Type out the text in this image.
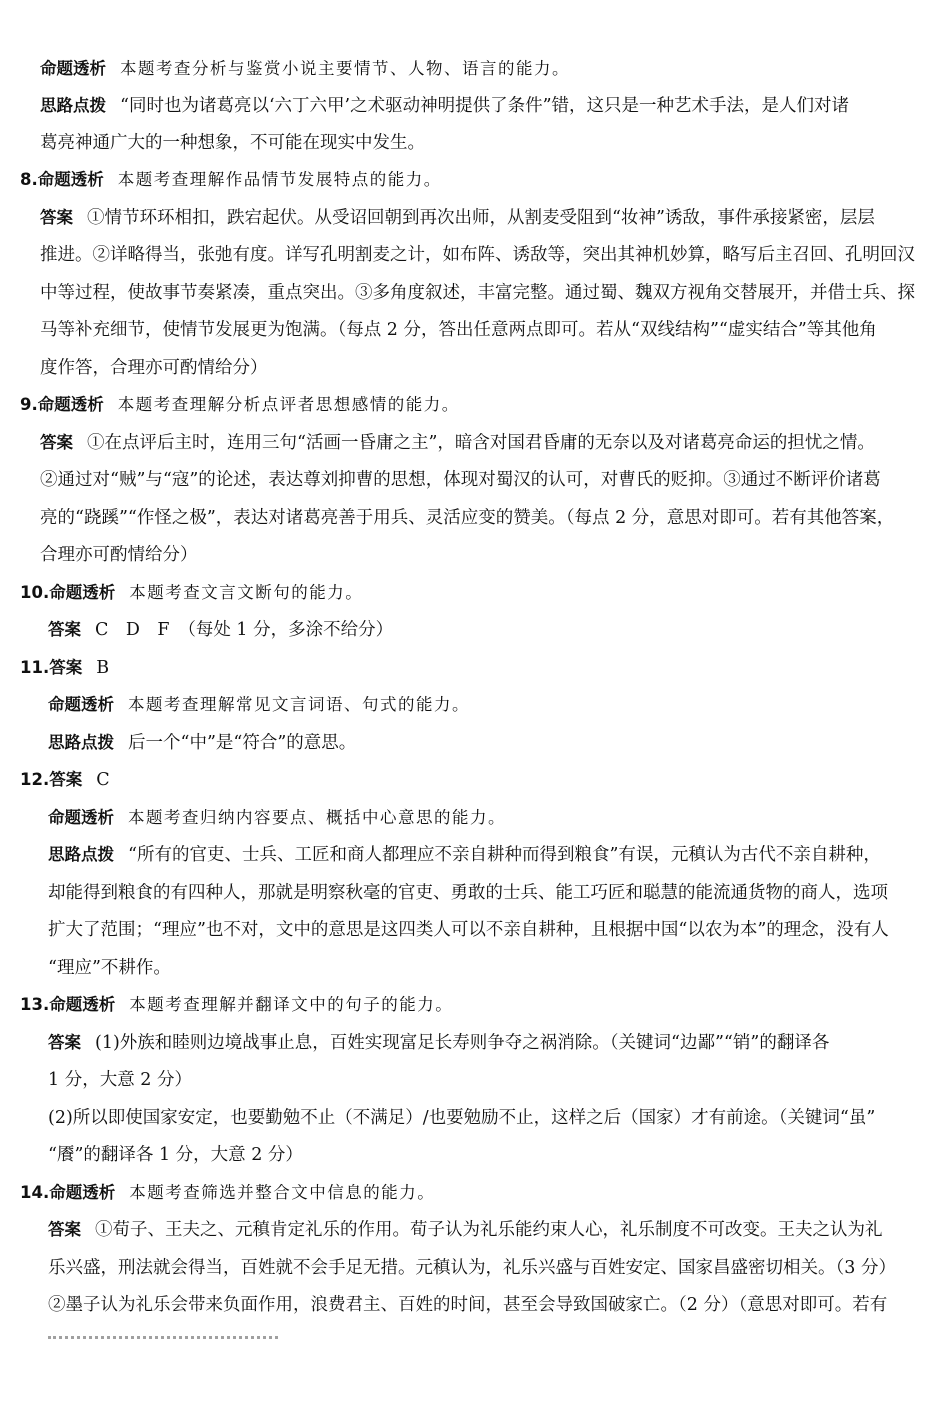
命题透析 本题考查分析与鉴赏小说主要情节、人物、语言的能力。
思路点拨 “同时也为诸葛亮以‘六丁六甲’之术驱动神明提供了条件”错，这只是一种艺术手法，是人们对诸
葛亮神通广大的一种想象，不可能在现实中发生。
8.命题透析 本题考查理解作品情节发展特点的能力。
答案 ①情节环环相扣，跌宕起伏。从受诏回朝到再次出师，从割麦受阻到“妆神”诱敌，事件承接紧密，层层
推进。②详略得当，张弛有度。详写孔明割麦之计，如布阵、诱敌等，突出其神机妙算，略写后主召回、孔明回汉
中等过程，使故事节奏紧凑，重点突出。③多角度叙述，丰富完整。通过蜀、魏双方视角交替展开，并借士兵、探
马等补充细节，使情节发展更为饱满。（每点 2 分，答出任意两点即可。若从“双线结构”“虚实结合”等其他角
度作答，合理亦可酌情给分）
9.命题透析 本题考查理解分析点评者思想感情的能力。
答案 ①在点评后主时，连用三句“活画一昏庸之主”，暗含对国君昏庸的无奈以及对诸葛亮命运的担忧之情。
②通过对“贼”与“寇”的论述，表达尊刘抑曹的思想，体现对蜀汉的认可，对曹氏的贬抑。③通过不断评价诸葛
亮的“跷蹊”“作怪之极”，表达对诸葛亮善于用兵、灵活应变的赞美。（每点 2 分，意思对即可。若有其他答案，
合理亦可酌情给分）
10.命题透析 本题考查文言文断句的能力。
答案 C　D　F　（每处 1 分，多涂不给分）
11.答案 B
命题透析 本题考查理解常见文言词语、句式的能力。
思路点拨 后一个“中”是“符合”的意思。
12.答案 C
命题透析 本题考查归纳内容要点、概括中心意思的能力。
思路点拨 “所有的官吏、士兵、工匠和商人都理应不亲自耕种而得到粮食”有误，元稹认为古代不亲自耕种，
却能得到粮食的有四种人，那就是明察秋毫的官吏、勇敢的士兵、能工巧匠和聪慧的能流通货物的商人，选项
扩大了范围；“理应”也不对，文中的意思是这四类人可以不亲自耕种，且根据中国“以农为本”的理念，没有人
“理应”不耕作。
13.命题透析 本题考查理解并翻译文中的句子的能力。
答案 (1)外族和睦则边境战事止息，百姓实现富足长寿则争夺之祸消除。（关键词“边鄙”“销”的翻译各
1 分，大意 2 分）
(2)所以即使国家安定，也要勤勉不止（不满足）/也要勉励不止，这样之后（国家）才有前途。（关键词“虽”
“餍”的翻译各 1 分，大意 2 分）
14.命题透析 本题考查筛选并整合文中信息的能力。
答案 ①荀子、王夫之、元稹肯定礼乐的作用。荀子认为礼乐能约束人心，礼乐制度不可改变。王夫之认为礼
乐兴盛，刑法就会得当，百姓就不会手足无措。元稹认为，礼乐兴盛与百姓安定、国家昌盛密切相关。（3 分）
②墨子认为礼乐会带来负面作用，浪费君主、百姓的时间，甚至会导致国破家亡。（2 分）（意思对即可。若有
